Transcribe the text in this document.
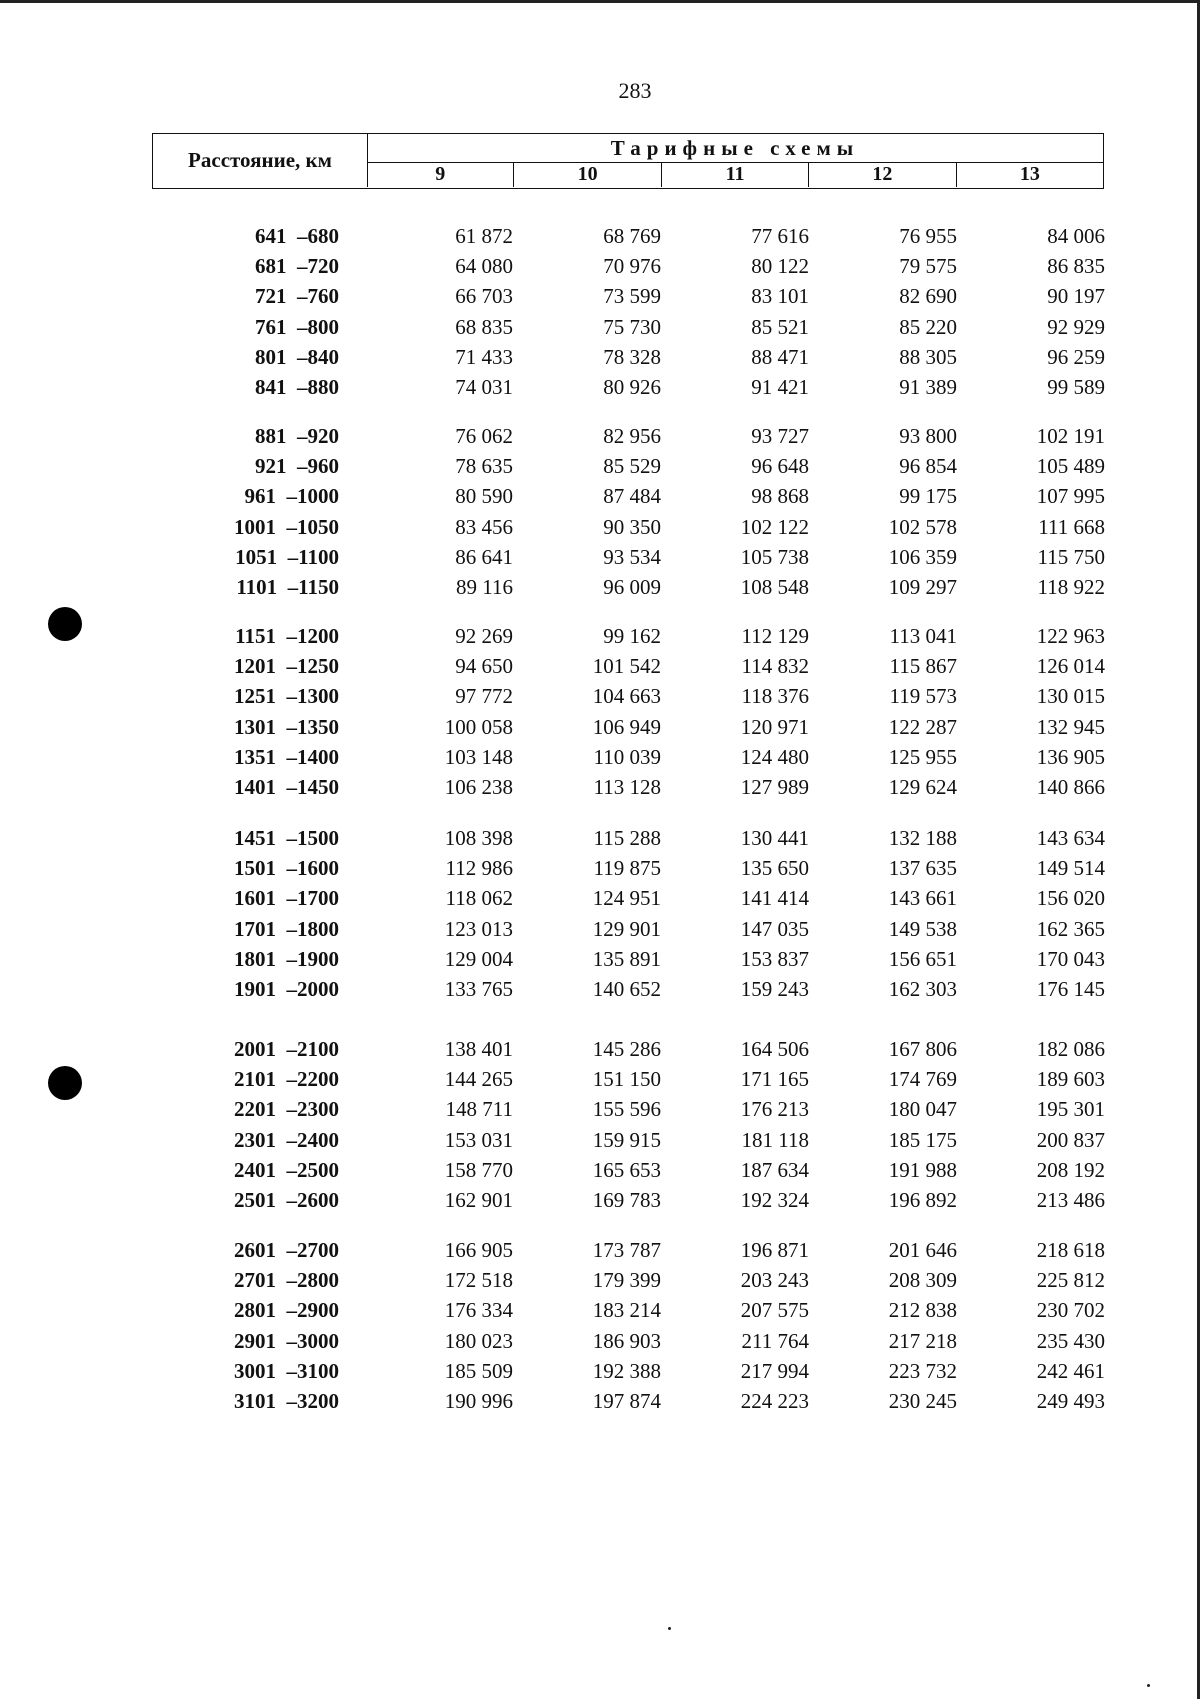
283
Расстояние, км	Тарифные схемы
9	10	11	12	13
641  –680	61 872	68 769	77 616	76 955	84 006
681  –720	64 080	70 976	80 122	79 575	86 835
721  –760	66 703	73 599	83 101	82 690	90 197
761  –800	68 835	75 730	85 521	85 220	92 929
801  –840	71 433	78 328	88 471	88 305	96 259
841  –880	74 031	80 926	91 421	91 389	99 589
881  –920	76 062	82 956	93 727	93 800	102 191
921  –960	78 635	85 529	96 648	96 854	105 489
961  –1000	80 590	87 484	98 868	99 175	107 995
1001  –1050	83 456	90 350	102 122	102 578	111 668
1051  –1100	86 641	93 534	105 738	106 359	115 750
1101  –1150	89 116	96 009	108 548	109 297	118 922
1151  –1200	92 269	99 162	112 129	113 041	122 963
1201  –1250	94 650	101 542	114 832	115 867	126 014
1251  –1300	97 772	104 663	118 376	119 573	130 015
1301  –1350	100 058	106 949	120 971	122 287	132 945
1351  –1400	103 148	110 039	124 480	125 955	136 905
1401  –1450	106 238	113 128	127 989	129 624	140 866
1451  –1500	108 398	115 288	130 441	132 188	143 634
1501  –1600	112 986	119 875	135 650	137 635	149 514
1601  –1700	118 062	124 951	141 414	143 661	156 020
1701  –1800	123 013	129 901	147 035	149 538	162 365
1801  –1900	129 004	135 891	153 837	156 651	170 043
1901  –2000	133 765	140 652	159 243	162 303	176 145
2001  –2100	138 401	145 286	164 506	167 806	182 086
2101  –2200	144 265	151 150	171 165	174 769	189 603
2201  –2300	148 711	155 596	176 213	180 047	195 301
2301  –2400	153 031	159 915	181 118	185 175	200 837
2401  –2500	158 770	165 653	187 634	191 988	208 192
2501  –2600	162 901	169 783	192 324	196 892	213 486
2601  –2700	166 905	173 787	196 871	201 646	218 618
2701  –2800	172 518	179 399	203 243	208 309	225 812
2801  –2900	176 334	183 214	207 575	212 838	230 702
2901  –3000	180 023	186 903	211 764	217 218	235 430
3001  –3100	185 509	192 388	217 994	223 732	242 461
3101  –3200	190 996	197 874	224 223	230 245	249 493
